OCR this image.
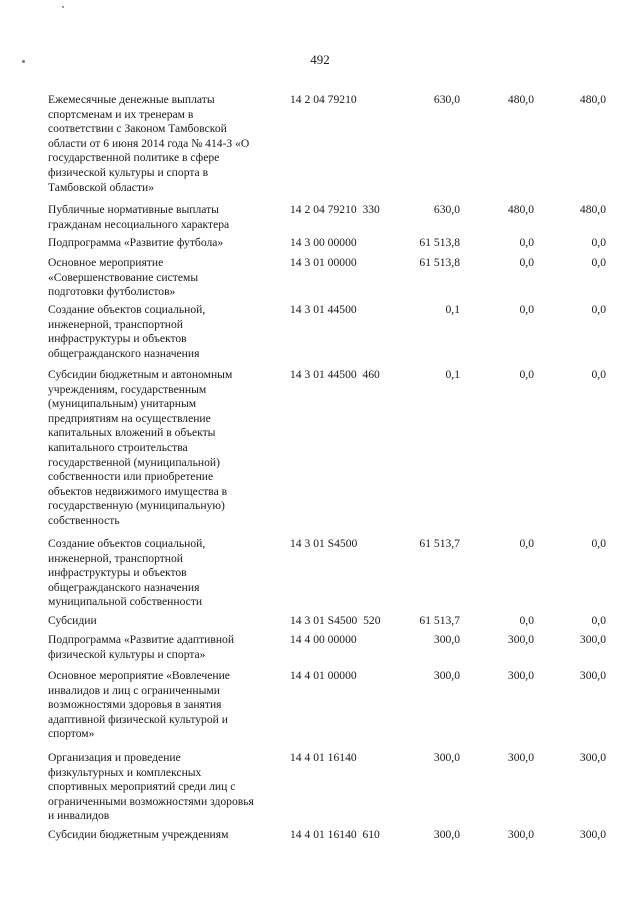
492
Ежемесячные денежные выплаты
спортсменам и их тренерам в
соответствии с Законом Тамбовской
области от 6 июня 2014 года № 414-З «О
государственной политике в сфере
физической культуры и спорта в
Тамбовской области»
14 2 04 79210	630,0	480,0	480,0
Публичные нормативные выплаты
гражданам несоциального характера
14 2 04 79210  330	630,0	480,0	480,0
Подпрограмма «Развитие футбола»	14 3 00 00000	61 513,8	0,0	0,0
Основное мероприятие
«Совершенствование системы
подготовки футболистов»
14 3 01 00000	61 513,8	0,0	0,0
Создание объектов социальной,
инженерной, транспортной
инфраструктуры и объектов
общегражданского назначения
14 3 01 44500	0,1	0,0	0,0
Субсидии бюджетным и автономным
учреждениям, государственным
(муниципальным) унитарным
предприятиям на осуществление
капитальных вложений в объекты
капитального строительства
государственной (муниципальной)
собственности или приобретение
объектов недвижимого имущества в
государственную (муниципальную)
собственность
14 3 01 44500  460	0,1	0,0	0,0
Создание объектов социальной,
инженерной, транспортной
инфраструктуры и объектов
общегражданского назначения
муниципальной собственности
14 3 01 S4500	61 513,7	0,0	0,0
Субсидии	14 3 01 S4500  520	61 513,7	0,0	0,0
Подпрограмма «Развитие адаптивной
физической культуры и спорта»
14 4 00 00000	300,0	300,0	300,0
Основное мероприятие «Вовлечение
инвалидов и лиц с ограниченными
возможностями здоровья в занятия
адаптивной физической культурой и
спортом»
14 4 01 00000	300,0	300,0	300,0
Организация и проведение
физкультурных и комплексных
спортивных мероприятий среди лиц с
ограниченными возможностями здоровья
и инвалидов
14 4 01 16140	300,0	300,0	300,0
Субсидии бюджетным учреждениям	14 4 01 16140  610	300,0	300,0	300,0
